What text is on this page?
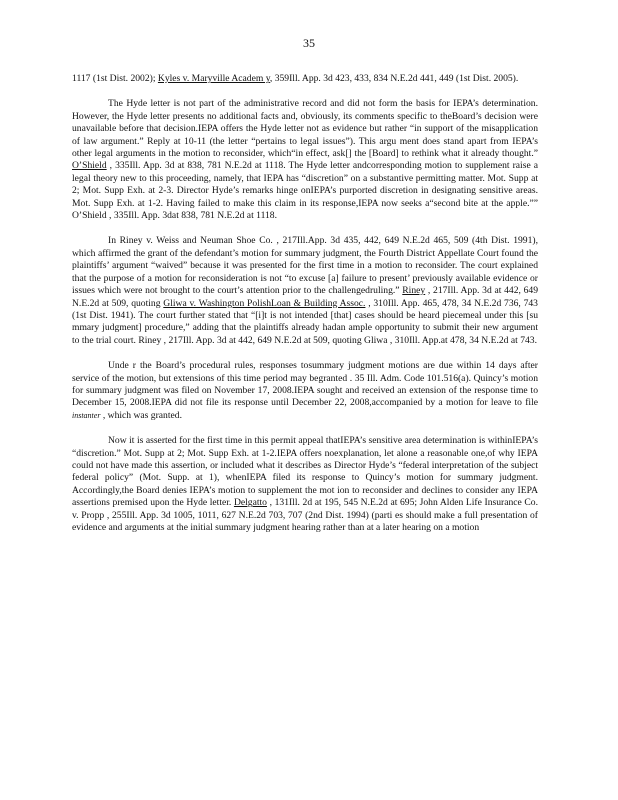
35

1117 (1st Dist. 2002); Kyles v. Maryville Academ y, 359Ill. App. 3d 423, 433, 834 N.E.2d 441, 449 (1st Dist. 2005).

The Hyde letter is not part of the administrative record and did not form the basis for IEPA’s determination. However, the Hyde letter presents no additional facts and, obviously, its comments specific to theBoard’s decision were unavailable before that decision.IEPA offers the Hyde letter not as evidence but rather “in support of the misapplication of law argument.” Reply at 10-11 (the letter “pertains to legal issues”). This argu ment does stand apart from IEPA’s other legal arguments in the motion to reconsider, which“in effect, ask[] the [Board] to rethink what it already thought.” O’Shield , 335Ill. App. 3d at 838, 781 N.E.2d at 1118. The Hyde letter andcorresponding motion to supplement raise a legal theory new to this proceeding, namely, that IEPA has “discretion” on a substantive permitting matter. Mot. Supp at 2; Mot. Supp Exh. at 2-3. Director Hyde’s remarks hinge onIEPA’s purported discretion in designating sensitive areas. Mot. Supp Exh. at 1-2. Having failed to make this claim in its response,IEPA now seeks a“second bite at the apple.”” O’Shield , 335Ill. App. 3dat 838, 781 N.E.2d at 1118.

In Riney v. Weiss and Neuman Shoe Co. , 217Ill.App. 3d 435, 442, 649 N.E.2d 465, 509 (4th Dist. 1991), which affirmed the grant of the defendant’s motion for summary judgment, the Fourth District Appellate Court found the plaintiffs’ argument “waived” because it was presented for the first time in a motion to reconsider. The court explained that the purpose of a motion for reconsideration is not “to excuse [a] failure to present’ previously available evidence or issues which were not brought to the court’s attention prior to the challengedruling.” Riney , 217Ill. App. 3d at 442, 649 N.E.2d at 509, quoting Gliwa v. Washington PolishLoan & Building Assoc. , 310Ill. App. 465, 478, 34 N.E.2d 736, 743 (1st Dist. 1941). The court further stated that “[i]t is not intended [that] cases should be heard piecemeal under this [su mmary judgment] procedure,” adding that the plaintiffs already hadan ample opportunity to submit their new argument to the trial court. Riney , 217Ill. App. 3d at 442, 649 N.E.2d at 509, quoting Gliwa , 310Ill. App.at 478, 34 N.E.2d at 743.

Unde r the Board’s procedural rules, responses tosummary judgment motions are due within 14 days after service of the motion, but extensions of this time period may begranted . 35 Ill. Adm. Code 101.516(a). Quincy’s motion for summary judgment was filed on November 17, 2008.IEPA sought and received an extension of the response time to December 15, 2008.IEPA did not file its response until December 22, 2008,accompanied by a motion for leave to file instanter , which was granted.

Now it is asserted for the first time in this permit appeal thatIEPA’s sensitive area determination is withinIEPA’s “discretion.” Mot. Supp at 2; Mot. Supp Exh. at 1-2.IEPA offers noexplanation, let alone a reasonable one,of why IEPA could not have made this assertion, or included what it describes as Director Hyde’s “federal interpretation of the subject federal policy” (Mot. Supp. at 1), whenIEPA filed its response to Quincy’s motion for summary judgment. Accordingly,the Board denies IEPA’s motion to supplement the mot ion to reconsider and declines to consider any IEPA assertions premised upon the Hyde letter. Delgatto , 131Ill. 2d at 195, 545 N.E.2d at 695; John Alden Life Insurance Co. v. Propp , 255Ill. App. 3d 1005, 1011, 627 N.E.2d 703, 707 (2nd Dist. 1994) (parti es should make a full presentation of evidence and arguments at the initial summary judgment hearing rather than at a later hearing on a motion
